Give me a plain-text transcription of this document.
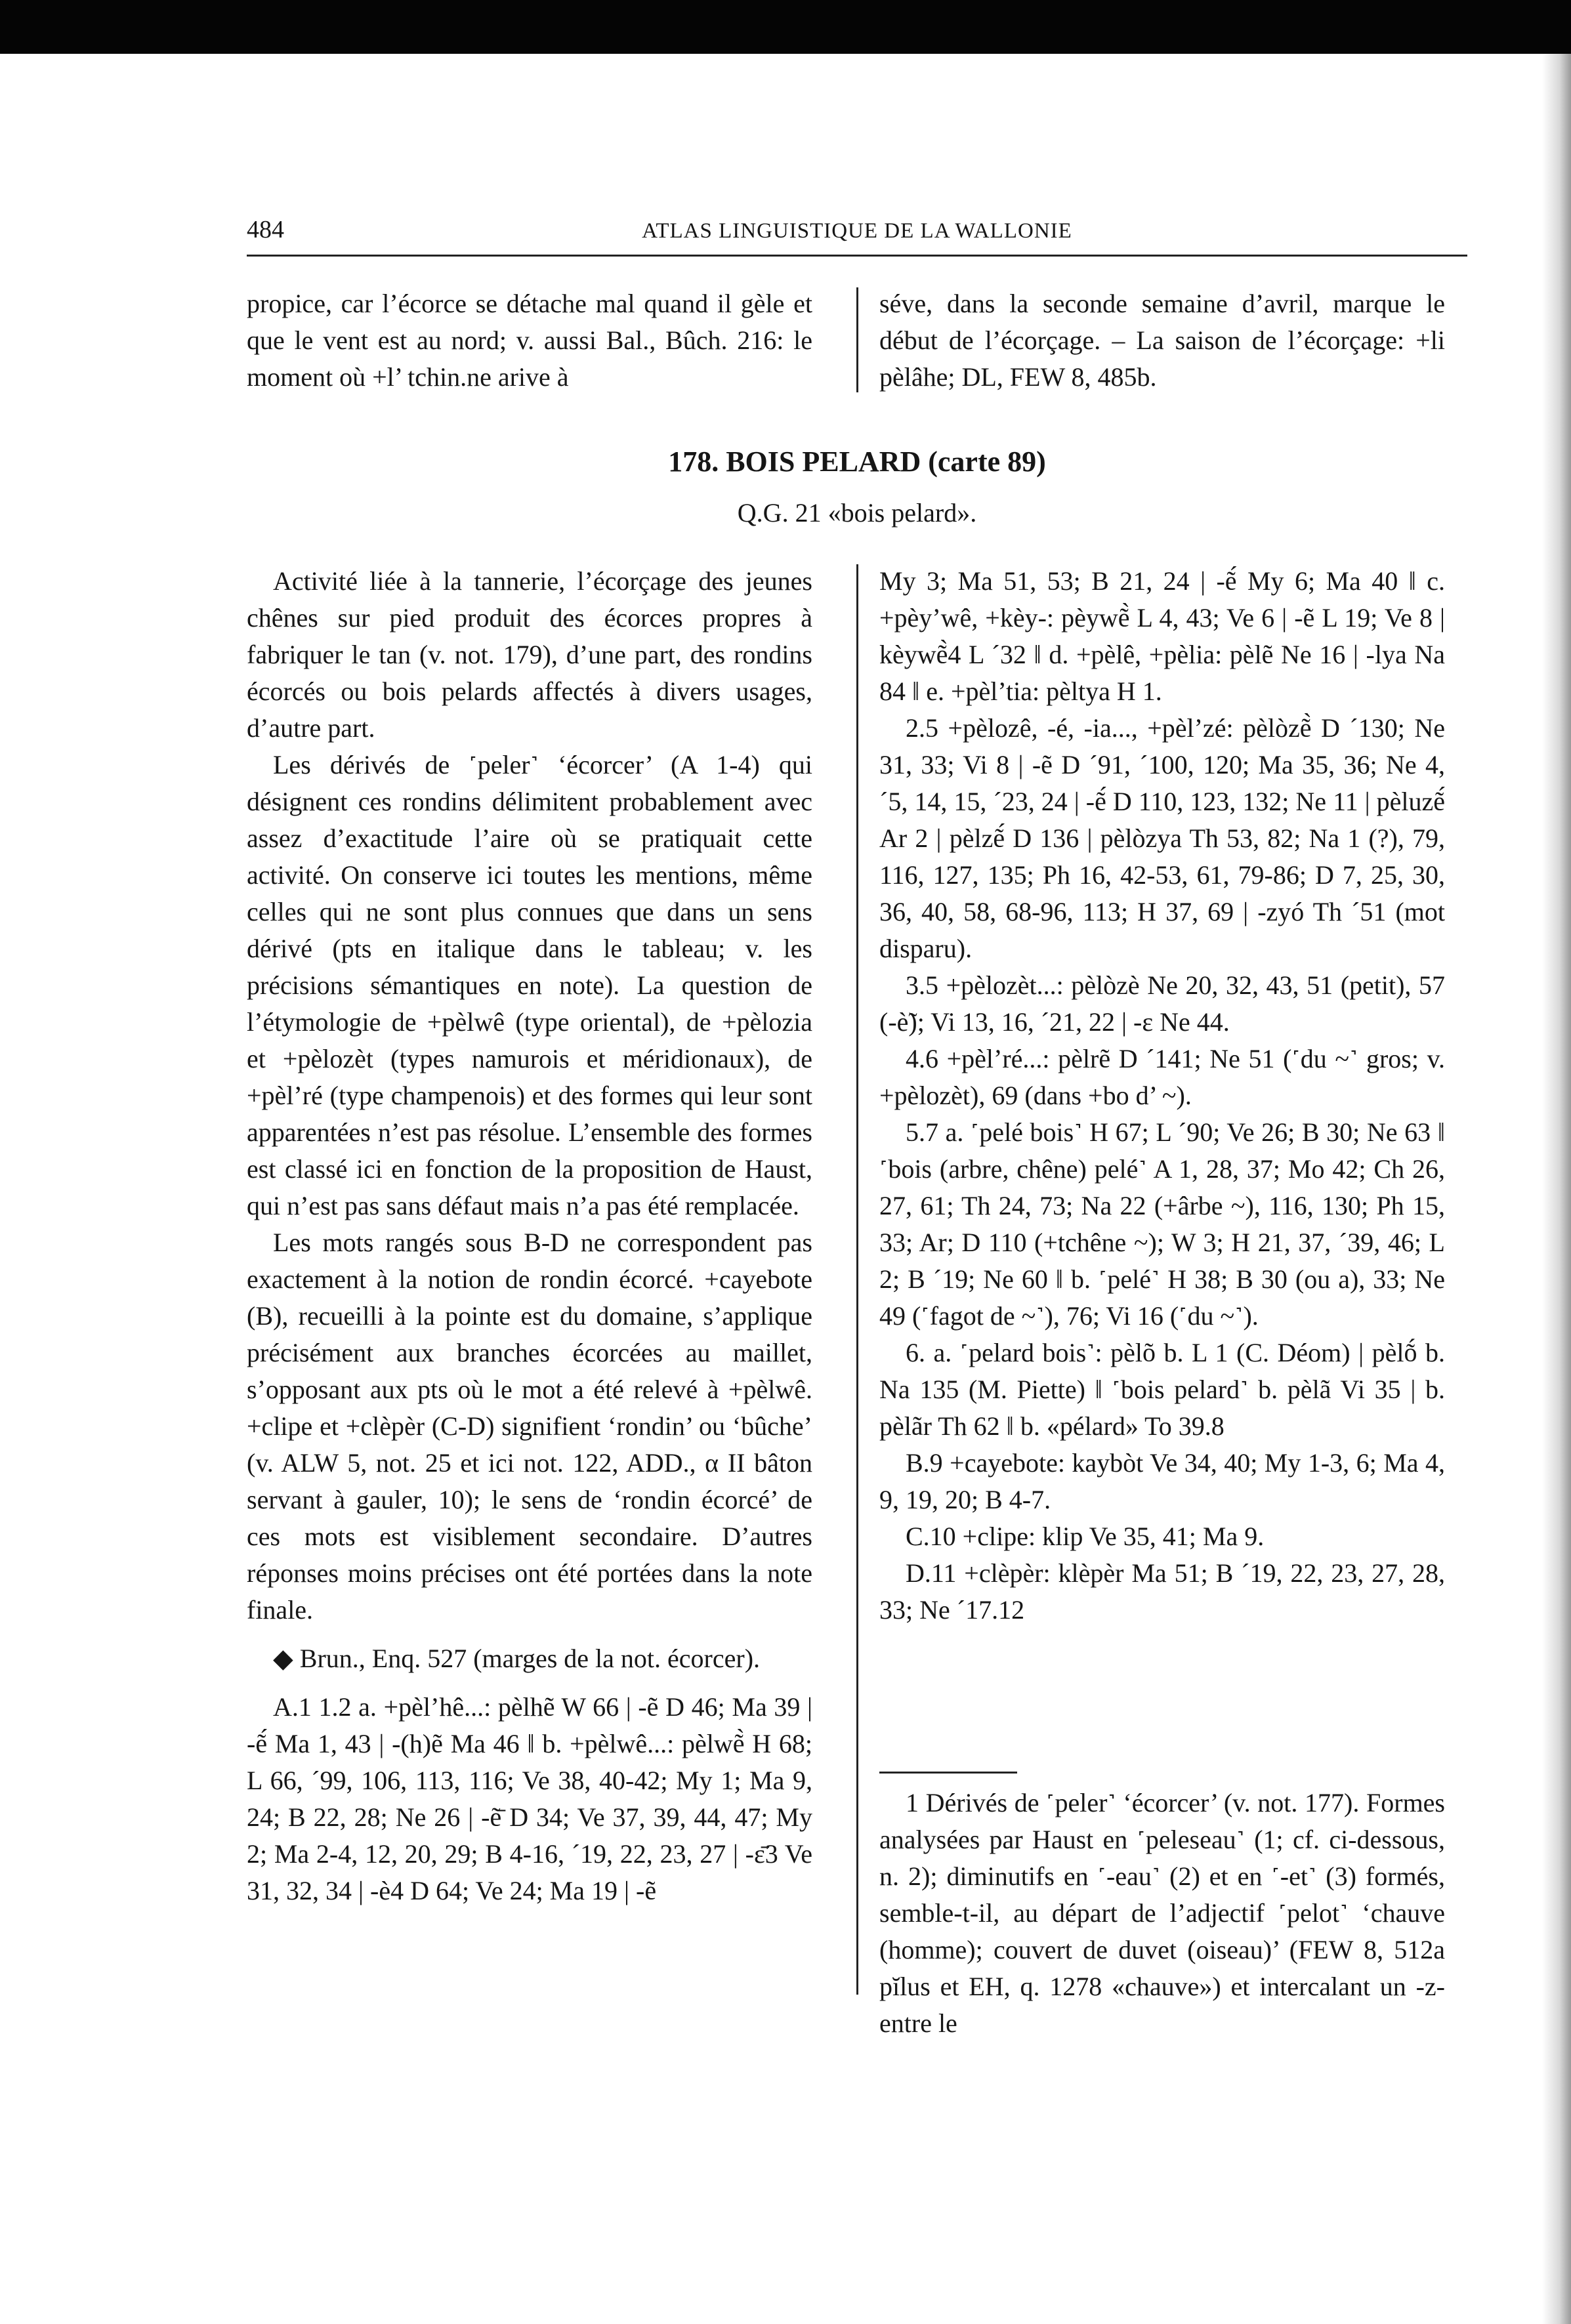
484	ATLAS LINGUISTIQUE DE LA WALLONIE

propice, car l’écorce se détache mal quand il gèle et que le vent est au nord; v. aussi Bal., Bûch. 216: le moment où +l’ tchin.ne arive à

séve, dans la seconde semaine d’avril, marque le début de l’écorçage. – La saison de l’écorçage: +li pèlâhe; DL, FEW 8, 485b.

178. BOIS PELARD (carte 89)
Q.G. 21 «bois pelard».

Activité liée à la tannerie, l’écorçage des jeunes chênes sur pied produit des écorces propres à fabriquer le tan (v. not. 179), d’une part, des rondins écorcés ou bois pelards affectés à divers usages, d’autre part.

Les dérivés de ˹peler˺ ‘écorcer’ (A 1-4) qui désignent ces rondins délimitent probablement avec assez d’exactitude l’aire où se pratiquait cette activité. On conserve ici toutes les mentions, même celles qui ne sont plus connues que dans un sens dérivé (pts en italique dans le tableau; v. les précisions sémantiques en note). La question de l’étymologie de +pèlwê (type oriental), de +pèlozia et +pèlozèt (types namurois et méridionaux), de +pèl’ré (type champenois) et des formes qui leur sont apparentées n’est pas résolue. L’ensemble des formes est classé ici en fonction de la proposition de Haust, qui n’est pas sans défaut mais n’a pas été remplacée.

Les mots rangés sous B-D ne correspondent pas exactement à la notion de rondin écorcé. +cayebote (B), recueilli à la pointe est du domaine, s’applique précisément aux branches écorcées au maillet, s’opposant aux pts où le mot a été relevé à +pèlwê. +clipe et +clèpèr (C-D) signifient ‘rondin’ ou ‘bûche’ (v. ALW 5, not. 25 et ici not. 122, ADD., α II bâton servant à gauler, 10); le sens de ‘rondin écorcé’ de ces mots est visiblement secondaire. D’autres réponses moins précises ont été portées dans la note finale.

◆ Brun., Enq. 527 (marges de la not. écorcer).

A.1 1.2 a. +pèl’hê...: pèlhẽ W 66 | -ẽ D 46; Ma 39 | -ẽ́ Ma 1, 43 | -(h)ẽ Ma 46 ‖ b. +pèlwê...: pèlwẽ̀ H 68; L 66, ´99, 106, 113, 116; Ve 38, 40-42; My 1; Ma 9, 24; B 22, 28; Ne 26 | -ẽ̄ D 34; Ve 37, 39, 44, 47; My 2; Ma 2-4, 12, 20, 29; B 4-16, ´19, 22, 23, 27 | -ɛ̄3 Ve 31, 32, 34 | -è4 D 64; Ve 24; Ma 19 | -ẽ

My 3; Ma 51, 53; B 21, 24 | -ẽ́ My 6; Ma 40 ‖ c. +pèy’wê, +kèy-: pèywẽ̀ L 4, 43; Ve 6 | -ẽ L 19; Ve 8 | kèywẽ̀4 L ´32 ‖ d. +pèlê, +pèlia: pèlẽ Ne 16 | -lya Na 84 ‖ e. +pèl’tia: pèltya H 1.

2.5 +pèlozê, -é, -ia..., +pèl’zé: pèlòzẽ̀ D ´130; Ne 31, 33; Vi 8 | -ẽ D ´91, ´100, 120; Ma 35, 36; Ne 4, ´5, 14, 15, ´23, 24 | -ẽ́ D 110, 123, 132; Ne 11 | pèluzẽ́ Ar 2 | pèlzẽ́ D 136 | pèlòzya Th 53, 82; Na 1 (?), 79, 116, 127, 135; Ph 16, 42-53, 61, 79-86; D 7, 25, 30, 36, 40, 58, 68-96, 113; H 37, 69 | -zyó Th ´51 (mot disparu).

3.5 +pèlozèt...: pèlòzè Ne 20, 32, 43, 51 (petit), 57 (-è̃); Vi 13, 16, ´21, 22 | -ɛ Ne 44.

4.6 +pèl’ré...: pèlrẽ D ´141; Ne 51 (˹du ~˺ gros; v. +pèlozèt), 69 (dans +bo d’ ~).

5.7 a. ˹pelé bois˺ H 67; L ´90; Ve 26; B 30; Ne 63 ‖ ˹bois (arbre, chêne) pelé˺ A 1, 28, 37; Mo 42; Ch 26, 27, 61; Th 24, 73; Na 22 (+ârbe ~), 116, 130; Ph 15, 33; Ar; D 110 (+tchêne ~); W 3; H 21, 37, ´39, 46; L 2; B ´19; Ne 60 ‖ b. ˹pelé˺ H 38; B 30 (ou a), 33; Ne 49 (˹fagot de ~˺), 76; Vi 16 (˹du ~˺).

6. a. ˹pelard bois˺: pèlõ b. L 1 (C. Déom) | pèlṍ b. Na 135 (M. Piette) ‖ ˹bois pelard˺ b. pèlã Vi 35 | b. pèlãr Th 62 ‖ b. «pélard» To 39.8

B.9 +cayebote: kaybòt Ve 34, 40; My 1-3, 6; Ma 4, 9, 19, 20; B 4-7.

C.10 +clipe: klip Ve 35, 41; Ma 9.

D.11 +clèpèr: klèpèr Ma 51; B ´19, 22, 23, 27, 28, 33; Ne ´17.12

1 Dérivés de ˹peler˺ ‘écorcer’ (v. not. 177). Formes analysées par Haust en ˹peleseau˺ (1; cf. ci-dessous, n. 2); diminutifs en ˹-eau˺ (2) et en ˹-et˺ (3) formés, semble-t-il, au départ de l’adjectif ˹pelot˺ ‘chauve (homme); couvert de duvet (oiseau)’ (FEW 8, 512a pĭlus et EH, q. 1278 «chauve») et intercalant un -z- entre le
